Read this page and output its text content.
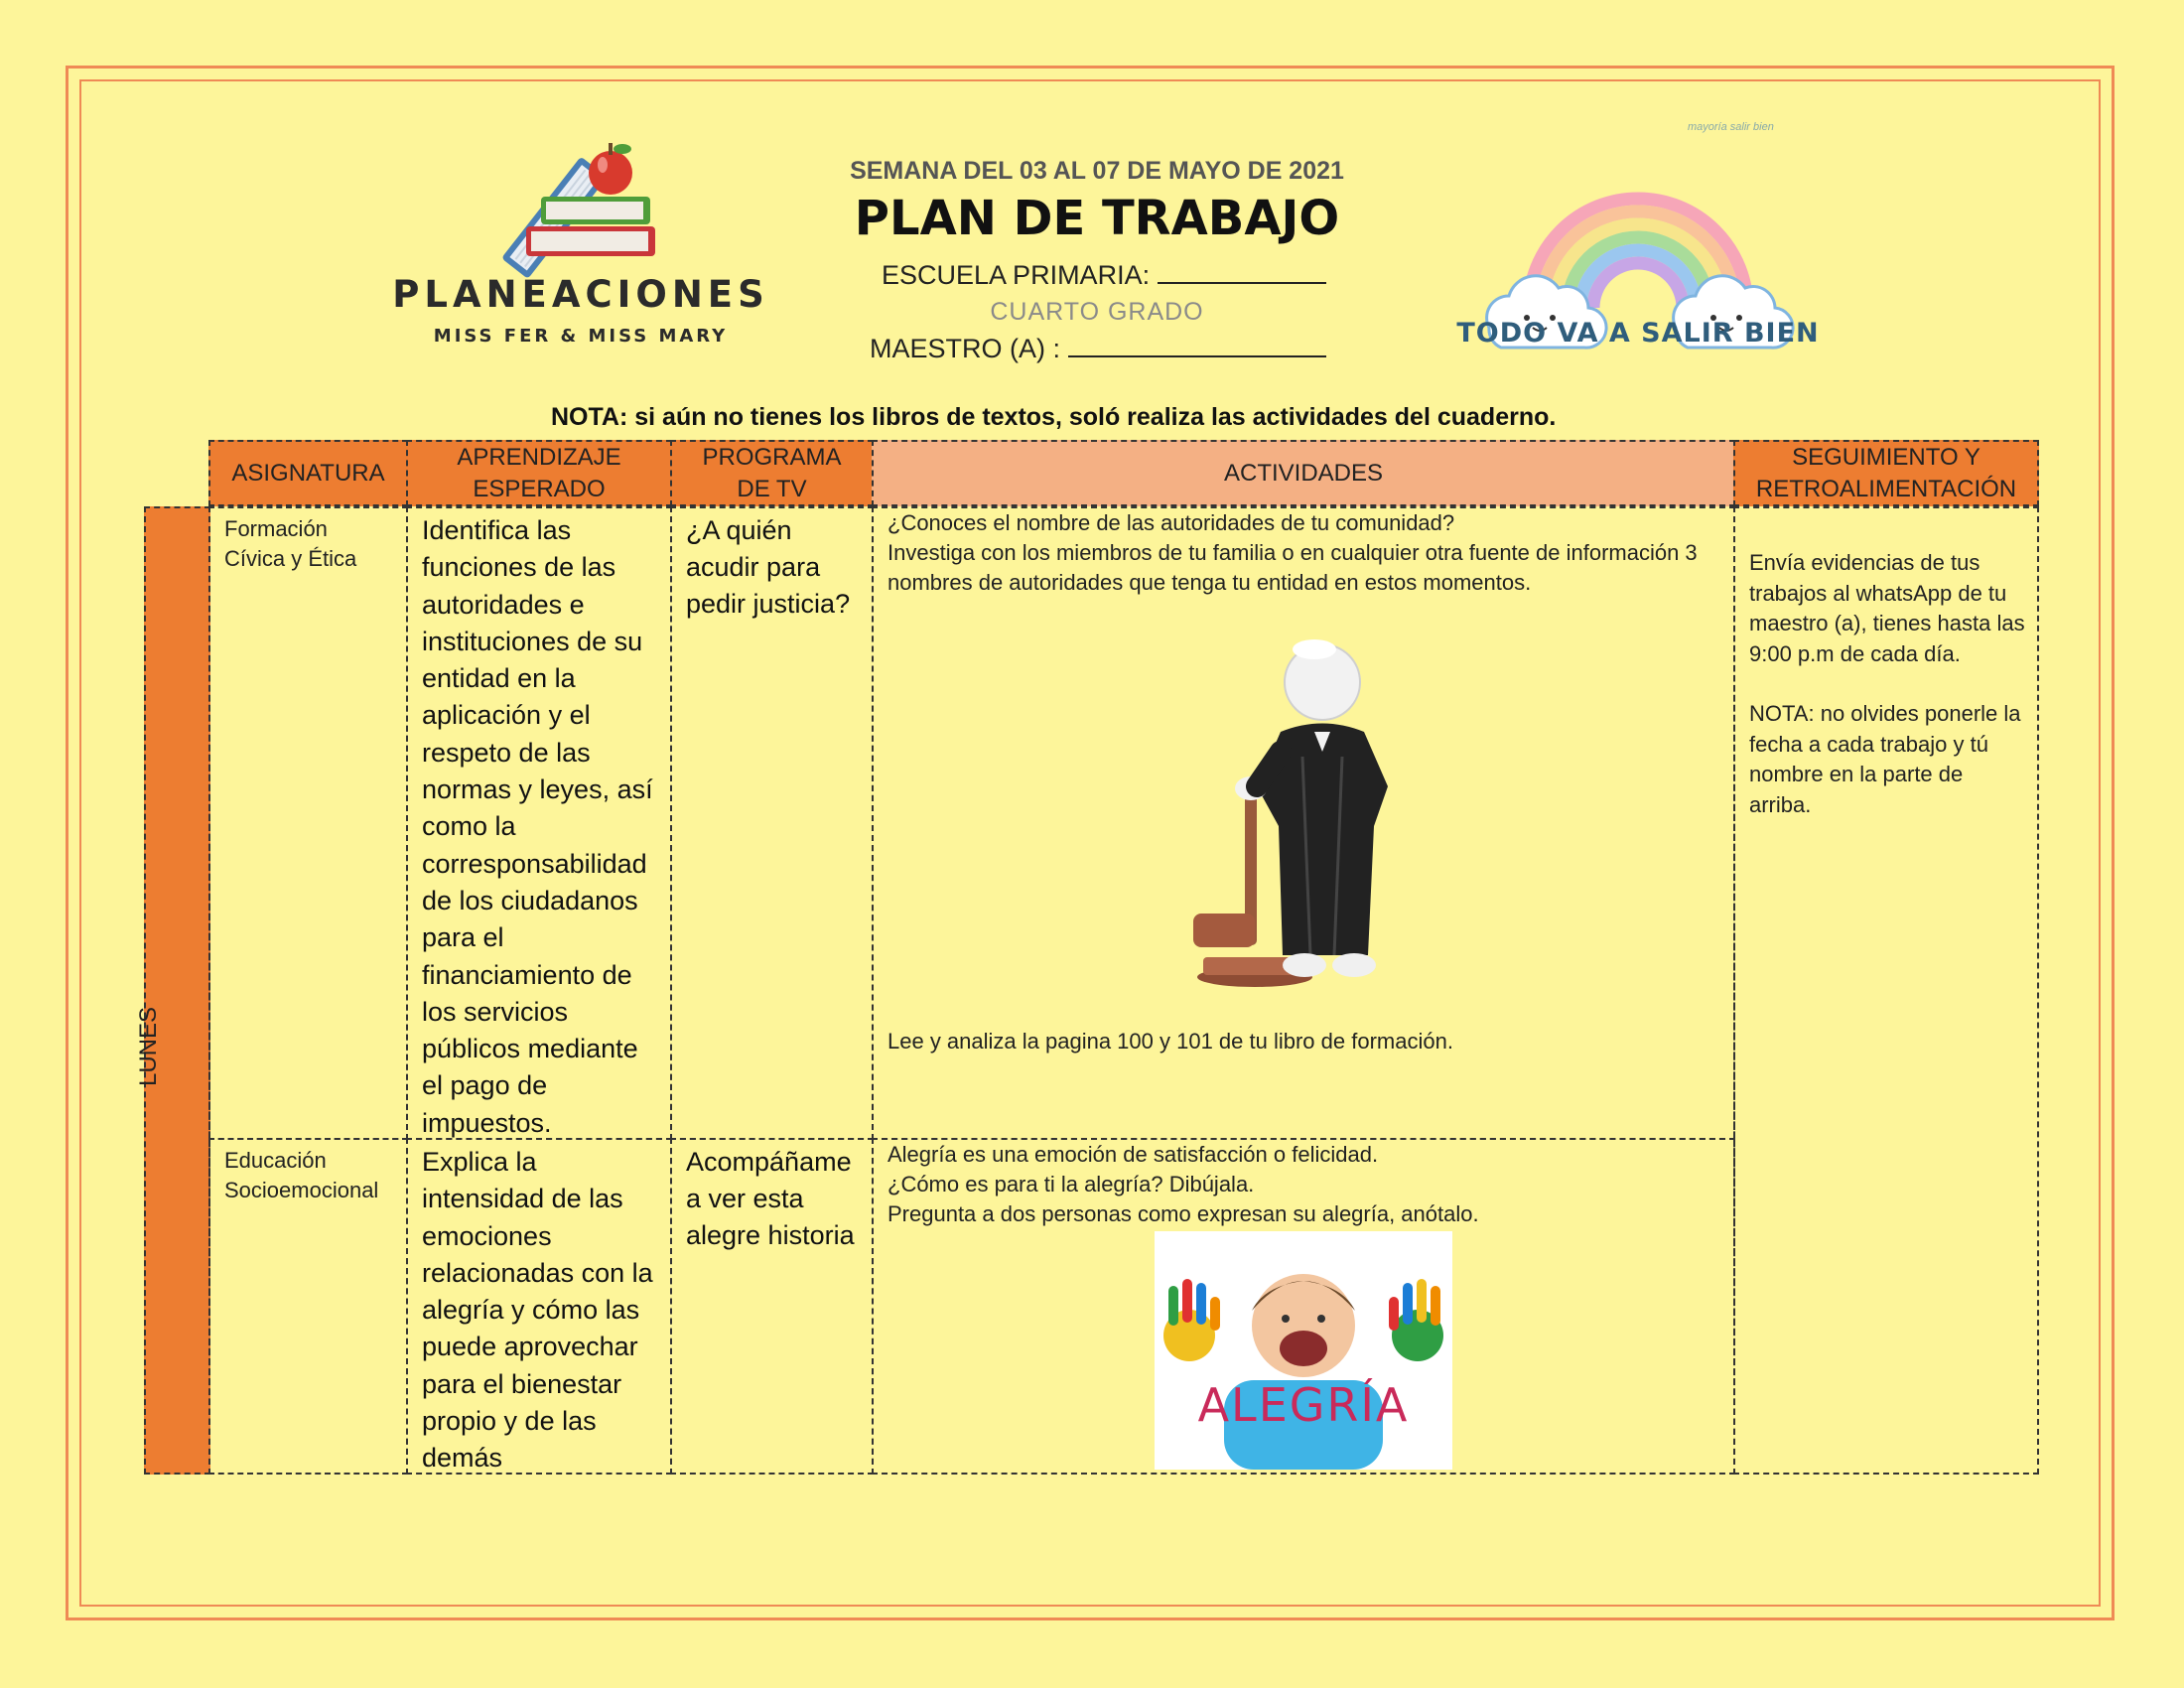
PLANEACIONES
MISS FER & MISS MARY
SEMANA DEL 03 AL 07 DE MAYO DE 2021
PLAN DE TRABAJO
ESCUELA PRIMARIA:
CUARTO GRADO
MAESTRO (A) :
mayoría salir bien
TODO VA A SALIR BIEN
NOTA: si aún no tienes los libros de textos, soló realiza las actividades del cuaderno.
ASIGNATURA
APRENDIZAJE
ESPERADO
PROGRAMA
DE TV
ACTIVIDADES
SEGUIMIENTO Y
RETROALIMENTACIÓN
LUNES

Formación

Cívica y Ética

Identifica las funciones de las autoridades e instituciones de su entidad en la aplicación y el respeto de las normas y leyes, así como la corresponsabilidad de los ciudadanos para el financiamiento de los servicios públicos mediante el pago de impuestos.

¿A quién acudir para pedir justicia?

¿Conoces el nombre de las autoridades de tu comunidad?

Investiga con los miembros de tu familia o en cualquier otra fuente de información 3 nombres de autoridades que tenga tu entidad en estos momentos.

Lee y analiza la pagina 100 y 101 de tu libro de formación.

Educación

Socioemocional

Explica la intensidad de las emociones relacionadas con la alegría y cómo las puede aprovechar para el bienestar propio y de las demás

Acompáñame a ver esta alegre historia

Alegría es una emoción de satisfacción o felicidad.

¿Cómo es para ti la alegría? Dibújala.

Pregunta a dos personas como expresan su alegría, anótalo.

ALEGRÍA

Envía evidencias de tus trabajos al whatsApp de tu maestro (a), tienes hasta las 9:00 p.m de cada día.

NOTA: no olvides ponerle la fecha a cada trabajo y tú nombre en la parte de arriba.
